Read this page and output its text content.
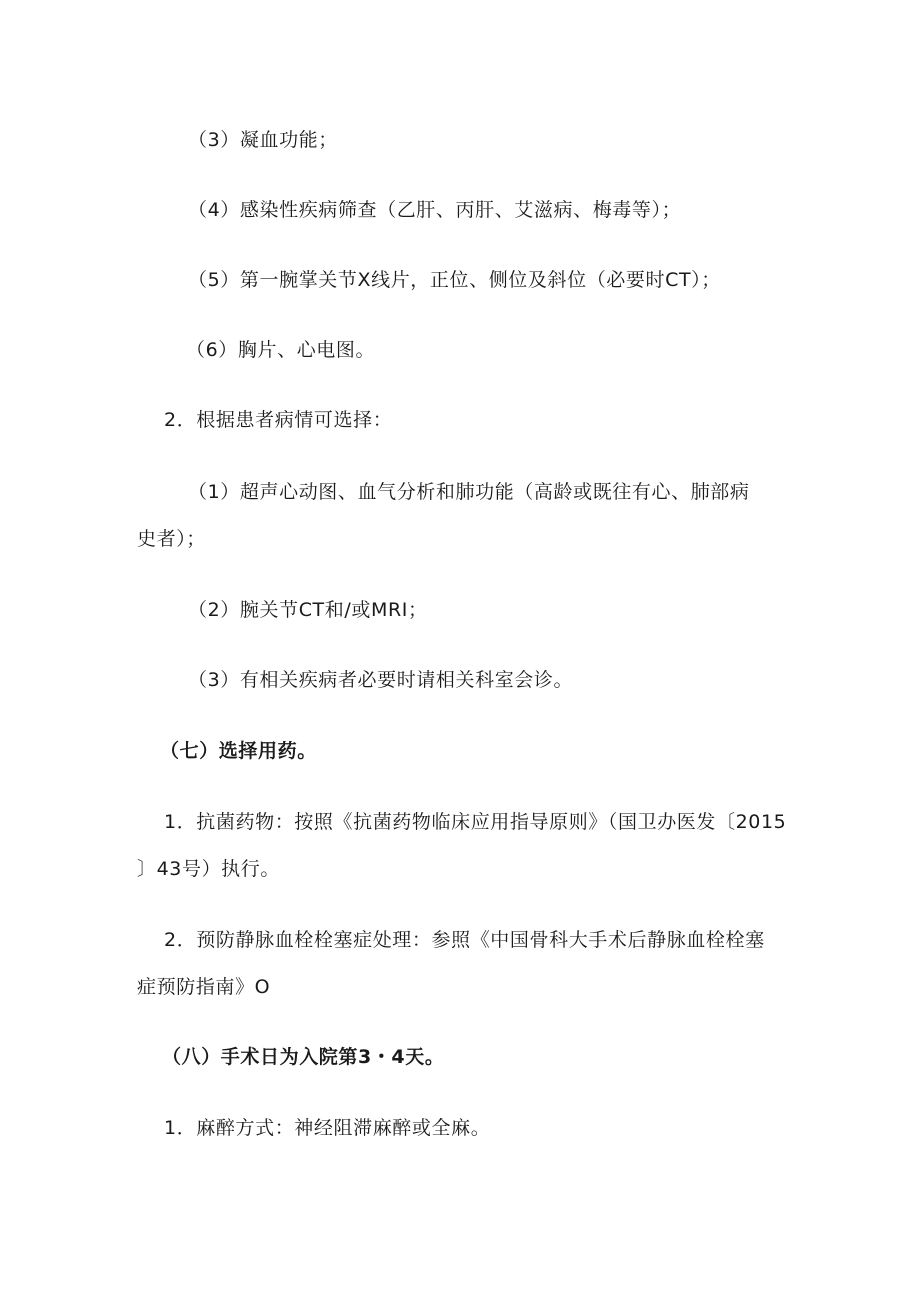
（3）凝血功能；
（4）感染性疾病筛查（乙肝、丙肝、艾滋病、梅毒等）；
（5）第一腕掌关节X线片，正位、侧位及斜位（必要时CT）；
（6）胸片、心电图。
2．根据患者病情可选择：
（1）超声心动图、血气分析和肺功能（高龄或既往有心、肺部病
史者）；
（2）腕关节CT和/或MRI；
（3）有相关疾病者必要时请相关科室会诊。
（七）选择用药。
1．抗菌药物：按照《抗菌药物临床应用指导原则》（国卫办医发〔2015
〕43号）执行。
2．预防静脉血栓栓塞症处理：参照《中国骨科大手术后静脉血栓栓塞
症预防指南》O
（八）手术日为入院第3・4天。
1．麻醉方式：神经阻滞麻醉或全麻。
